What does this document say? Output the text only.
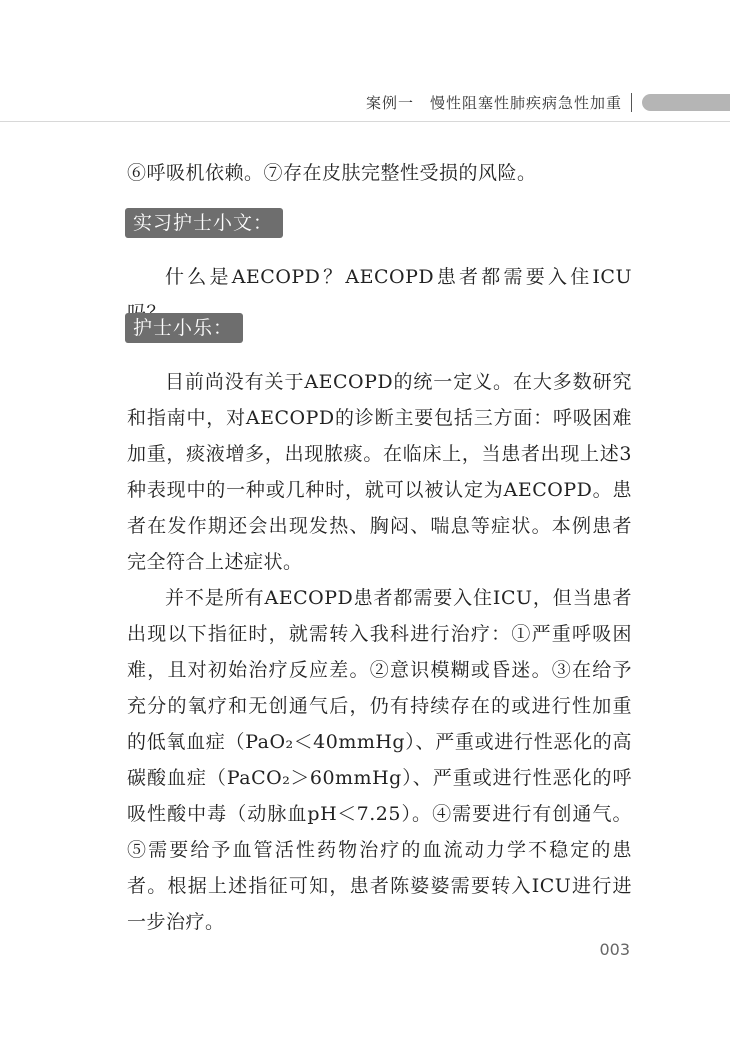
案例一　慢性阻塞性肺疾病急性加重
⑥呼吸机依赖。⑦存在皮肤完整性受损的风险。
实习护士小文：
什么是AECOPD？AECOPD患者都需要入住ICU
护士小乐：
目前尚没有关于AECOPD的统一定义。在大多数研究和指南中，对AECOPD的诊断主要包括三方面：呼吸困难加重，痰液增多，出现脓痰。在临床上，当患者出现上述3种表现中的一种或几种时，就可以被认定为AECOPD。患者在发作期还会出现发热、胸闷、喘息等症状。本例患者完全符合上述症状。
并不是所有AECOPD患者都需要入住ICU，但当患者出现以下指征时，就需转入我科进行治疗：①严重呼吸困难，且对初始治疗反应差。②意识模糊或昏迷。③在给予充分的氧疗和无创通气后，仍有持续存在的或进行性加重的低氧血症（PaO₂＜40mmHg）、严重或进行性恶化的高碳酸血症（PaCO₂＞60mmHg）、严重或进行性恶化的呼吸性酸中毒（动脉血pH＜7.25）。④需要进行有创通气。⑤需要给予血管活性药物治疗的血流动力学不稳定的患者。根据上述指征可知，患者陈婆婆需要转入ICU进行进一步治疗。
003
